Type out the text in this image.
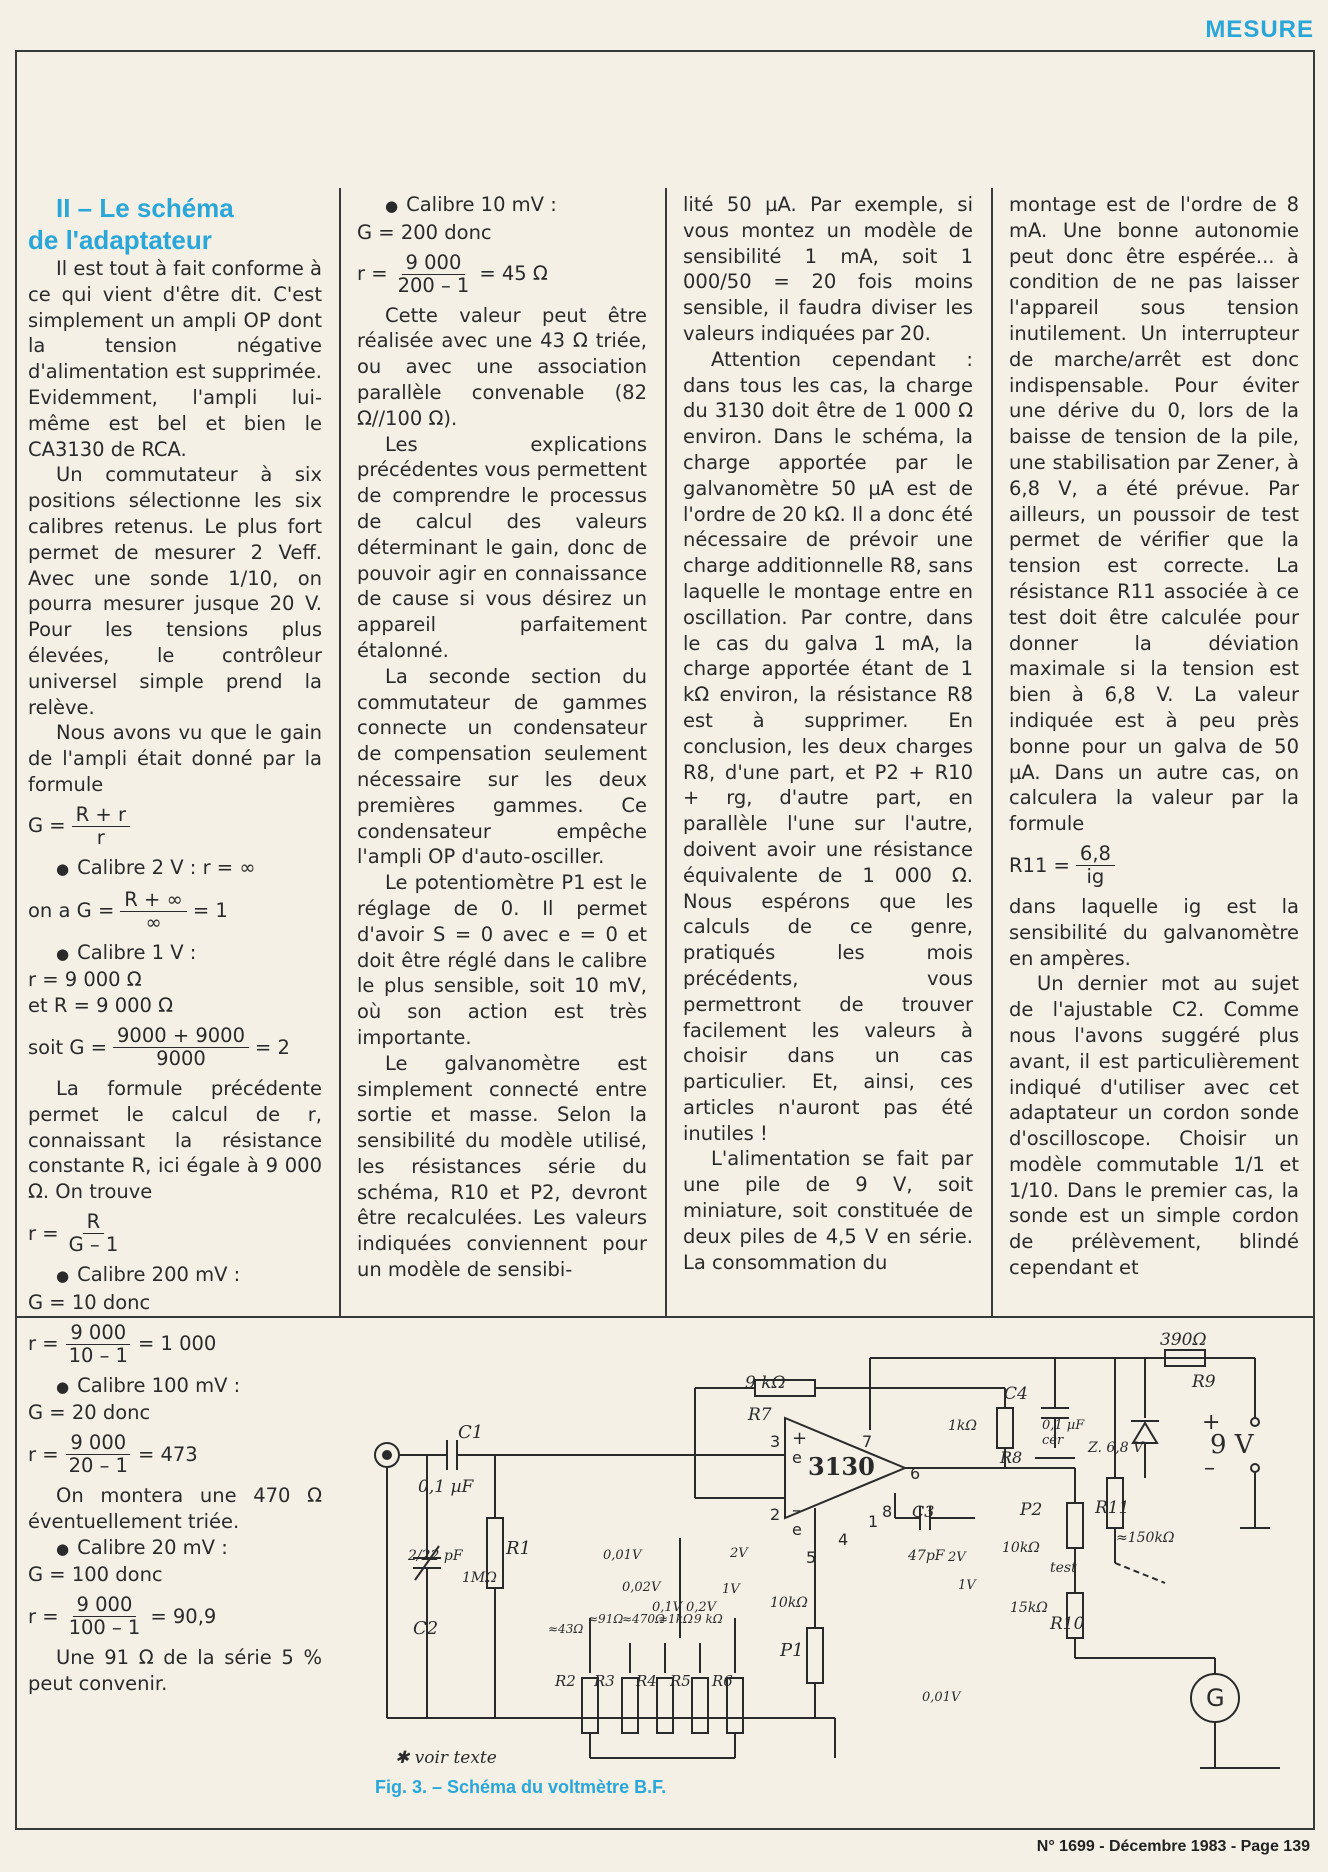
MESURE

II – Le schéma
de l'adaptateur

Il est tout à fait conforme à ce qui vient d'être dit. C'est simplement un ampli OP dont la tension négative d'alimentation est supprimée. Evidemment, l'ampli lui-même est bel et bien le CA3130 de RCA.

Un commutateur à six positions sélectionne les six calibres retenus. Le plus fort permet de mesurer 2 Veff. Avec une sonde 1/10, on pourra mesurer jusque 20 V. Pour les tensions plus élevées, le contrôleur universel simple prend la relève.

Nous avons vu que le gain de l'ampli était donné par la formule

$G = \frac{R + r}{r}$

● Calibre 2 V : r = ∞

on a $G = \frac{R + \infty}{\infty} = 1$

● Calibre 1 V :

r = 9 000 Ω

et R = 9 000 Ω

soit $G = \frac{9000 + 9000}{9000} = 2$

La formule précédente permet le calcul de r, connaissant la résistance constante R, ici égale à 9 000 Ω. On trouve

$r = \frac{R}{G - 1}$

● Calibre 200 mV :

G = 10 donc

$r = \frac{9 000}{10 - 1} = 1$ 000

● Calibre 100 mV :

G = 20 donc

$r = \frac{9 000}{20 - 1} = 473$

On montera une 470 Ω éventuellement triée.

● Calibre 20 mV :

G = 100 donc

$r = \frac{9 000}{100 - 1} = 90,9$

Une 91 Ω de la série 5 % peut convenir.

● Calibre 10 mV :

G = 200 donc

$r = \frac{9 000}{200 - 1} = 45$ Ω

Cette valeur peut être réalisée avec une 43 Ω triée, ou avec une association parallèle convenable (82 Ω//100 Ω).

Les explications précédentes vous permettent de comprendre le processus de calcul des valeurs déterminant le gain, donc de pouvoir agir en connaissance de cause si vous désirez un appareil parfaitement étalonné.

La seconde section du commutateur de gammes connecte un condensateur de compensation seulement nécessaire sur les deux premières gammes. Ce condensateur empêche l'ampli OP d'auto-osciller.

Le potentiomètre P1 est le réglage de 0. Il permet d'avoir S = 0 avec e = 0 et doit être réglé dans le calibre le plus sensible, soit 10 mV, où son action est très importante.

Le galvanomètre est simplement connecté entre sortie et masse. Selon la sensibilité du modèle utilisé, les résistances série du schéma, R10 et P2, devront être recalculées. Les valeurs indiquées conviennent pour un modèle de sensibi-

lité 50 µA. Par exemple, si vous montez un modèle de sensibilité 1 mA, soit 1 000/50 = 20 fois moins sensible, il faudra diviser les valeurs indiquées par 20.

Attention cependant : dans tous les cas, la charge du 3130 doit être de 1 000 Ω environ. Dans le schéma, la charge apportée par le galvanomètre 50 µA est de l'ordre de 20 kΩ. Il a donc été nécessaire de prévoir une charge additionnelle R8, sans laquelle le montage entre en oscillation. Par contre, dans le cas du galva 1 mA, la charge apportée étant de 1 kΩ environ, la résistance R8 est à supprimer. En conclusion, les deux charges R8, d'une part, et P2 + R10 + rg, d'autre part, en parallèle l'une sur l'autre, doivent avoir une résistance équivalente de 1 000 Ω. Nous espérons que les calculs de ce genre, pratiqués les mois précédents, vous permettront de trouver facilement les valeurs à choisir dans un cas particulier. Et, ainsi, ces articles n'auront pas été inutiles !

L'alimentation se fait par une pile de 9 V, soit miniature, soit constituée de deux piles de 4,5 V en série. La consommation du

montage est de l'ordre de 8 mA. Une bonne autonomie peut donc être espérée... à condition de ne pas laisser l'appareil sous tension inutilement. Un interrupteur de marche/arrêt est donc indispensable. Pour éviter une dérive du 0, lors de la baisse de tension de la pile, une stabilisation par Zener, à 6,8 V, a été prévue. Par ailleurs, un poussoir de test permet de vérifier que la tension est correcte. La résistance R11 associée à ce test doit être calculée pour donner la déviation maximale si la tension est bien à 6,8 V. La valeur indiquée est à peu près bonne pour un galva de 50 µA. Dans un autre cas, on calculera la valeur par la formule

$R11 = \frac{6,8}{ig}$

dans laquelle ig est la sensibilité du galvanomètre en ampères.

Un dernier mot au sujet de l'ajustable C2. Comme nous l'avons suggéré plus avant, il est particulièrement indiqué d'utiliser avec cet adaptateur un cordon sonde d'oscilloscope. Choisir un modèle commutable 1/1 et 1/10. Dans le premier cas, la sonde est un simple cordon de prélèvement, blindé cependant et

3130
C1
0,1 µF
C2
2/22 pF R1
1MΩ
9 kΩ
R7
C3
47pF
C4
0,1 µF cér
R8
1kΩ
P1
10kΩ
P2
10kΩ
R11
≈150kΩ
R10
15kΩ
390Ω
R9
Z. 6,8 V	9 V
+
–
G
test
R2 R3 R4 R5 R6
≈43Ω
≈91Ω
≈470Ω
≈1kΩ 9 kΩ
0,01V
0,02V
0,1V 0,2V
1V
2V	2V
1V
0,01V
3
2
7
6
4
5
8
1
+
–
e
e
✱ voir texte
Fig. 3. – Schéma du voltmètre B.F.
N° 1699 - Décembre 1983 - Page 139
